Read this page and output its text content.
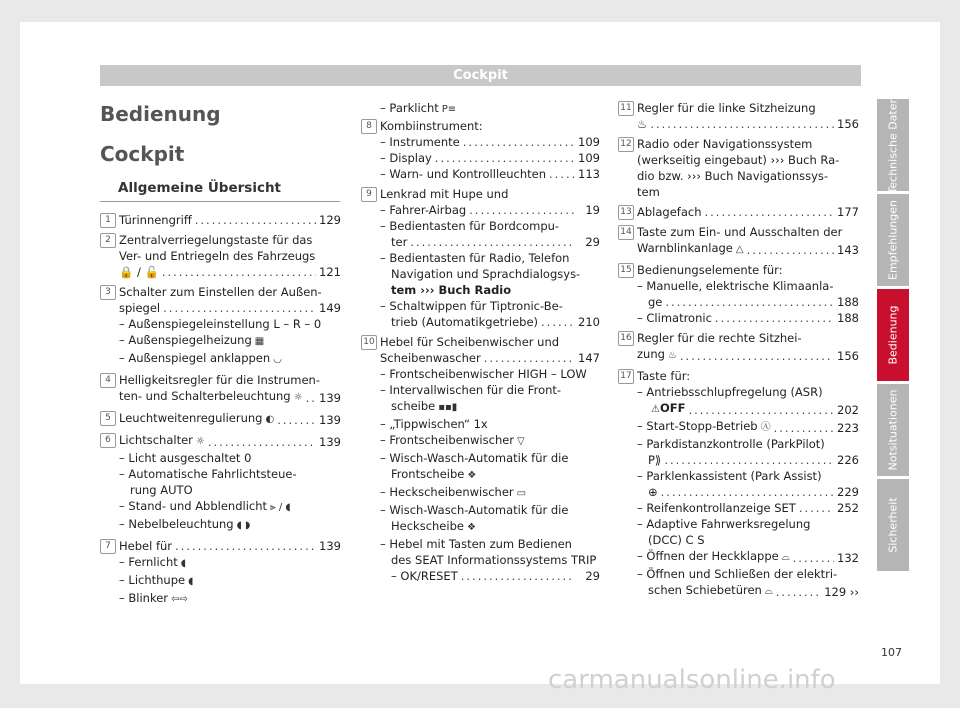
Cockpit
Bedienung
Cockpit
Allgemeine Übersicht
1 Türinnengriff .....	129
2 Zentralverriegelungstaste für das
Ver- und Entriegeln des Fahrzeugs
🔒 / 🔓 .....	121
3 Schalter zum Einstellen der Außen-
spiegel .....	149
– Außenspiegeleinstellung L – R – 0
– Außenspiegelheizung ▦
– Außenspiegel anklappen ◡
4 Helligkeitsregler für die Instrumen-
ten- und Schalterbeleuchtung ☼ ..... 139
5 Leuchtweitenregulierung ◐ .....	139
6 Lichtschalter ☼ .....	139
– Licht ausgeschaltet 0
– Automatische Fahrlichtsteue-
rung AUTO
– Stand- und Abblendlicht ⫸ / ◖
– Nebelbeleuchtung ◖ ◗
7 Hebel für .....	139
– Fernlicht ◖
– Lichthupe ◖
– Blinker ⇦⇨
– Parklicht P≡
8 Kombiinstrument:
– Instrumente .....	109
– Display .....	109
– Warn- und Kontrollleuchten .....	113
9 Lenkrad mit Hupe und
– Fahrer-Airbag .....	19
– Bedientasten für Bordcompu-
ter .....	29
– Bedientasten für Radio, Telefon
Navigation und Sprachdialogsys-
tem ››› Buch Radio
– Schaltwippen für Tiptronic-Be-
trieb (Automatikgetriebe) .....	210
10 Hebel für Scheibenwischer und
Scheibenwascher .....	147
– Frontscheibenwischer HIGH – LOW
– Intervallwischen für die Front-
scheibe ▪▪▮
– „Tippwischen“ 1x
– Frontscheibenwischer ▽
– Wisch-Wasch-Automatik für die
Frontscheibe ❖
– Heckscheibenwischer ▭
– Wisch-Wasch-Automatik für die
Heckscheibe ❖
– Hebel mit Tasten zum Bedienen
des SEAT Informationssystems TRIP
– OK/RESET .....	29
11 Regler für die linke Sitzheizung
♨ .....	156
12 Radio oder Navigationssystem
(werkseitig eingebaut) ››› Buch Ra-
dio bzw. ››› Buch Navigationssys-
tem
13 Ablagefach .....	177
14 Taste zum Ein- und Ausschalten der
Warnblinkanlage △ .....	143
15 Bedienungselemente für:
– Manuelle, elektrische Klimaanla-
ge .....	188
– Climatronic .....	188
16 Regler für die rechte Sitzhei-
zung ♨ .....	156
17 Taste für:
– Antriebsschlupfregelung (ASR)
⚠OFF .....	202
– Start-Stopp-Betrieb Ⓐ .....	223
– Parkdistanzkontrolle (ParkPilot)
P⟫ .....	226
– Parklenkassistent (Park Assist)
⊕ .....	229
– Reifenkontrollanzeige SET .....	252
– Adaptive Fahrwerksregelung
(DCC) C S
– Öffnen der Heckklappe ⌓ .....	132
– Öffnen und Schließen der elektri-
schen Schiebetüren ⌓ .....	129 ››
Technische Daten
Empfehlungen
Bedienung
Notsituationen
Sicherheit
107
carmanualsonline.info
